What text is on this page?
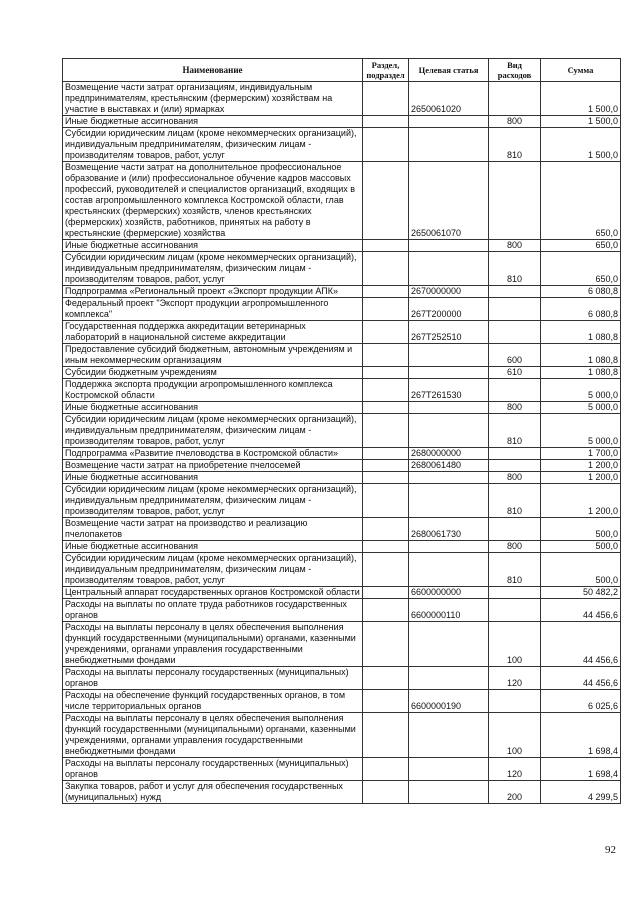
Наименование	Раздел, подраздел	Целевая статья	Вид расходов	Сумма
Возмещение части затрат организациям, индивидуальным предпринимателям, крестьянским (фермерским) хозяйствам на участие в выставках и (или) ярмарках		2650061020		1 500,0
Иные бюджетные ассигнования			800	1 500,0
Субсидии юридическим лицам (кроме некоммерческих организаций), индивидуальным предпринимателям, физическим лицам - производителям товаров, работ, услуг			810	1 500,0
Возмещение части затрат на дополнительное профессиональное образование и (или) профессиональное обучение кадров массовых профессий, руководителей и специалистов организаций, входящих в состав агропромышленного комплекса Костромской области, глав крестьянских (фермерских) хозяйств, членов крестьянских (фермерских) хозяйств, работников, принятых на работу в крестьянские (фермерские) хозяйства		2650061070		650,0
Иные бюджетные ассигнования			800	650,0
Субсидии юридическим лицам (кроме некоммерческих организаций), индивидуальным предпринимателям, физическим лицам - производителям товаров, работ, услуг			810	650,0
Подпрограмма «Региональный проект «Экспорт продукции АПК»		2670000000		6 080,8
Федеральный проект "Экспорт продукции агропромышленного комплекса"		267T200000		6 080,8
Государственная поддержка аккредитации ветеринарных лабораторий в национальной системе аккредитации		267T252510		1 080,8
Предоставление субсидий бюджетным, автономным учреждениям и иным некоммерческим организациям			600	1 080,8
Субсидии бюджетным учреждениям			610	1 080,8
Поддержка экспорта продукции агропромышленного комплекса Костромской области		267T261530		5 000,0
Иные бюджетные ассигнования			800	5 000,0
Субсидии юридическим лицам (кроме некоммерческих организаций), индивидуальным предпринимателям, физическим лицам - производителям товаров, работ, услуг			810	5 000,0
Подпрограмма «Развитие пчеловодства в Костромской области»		2680000000		1 700,0
Возмещение части затрат на приобретение пчелосемей		2680061480		1 200,0
Иные бюджетные ассигнования			800	1 200,0
Субсидии юридическим лицам (кроме некоммерческих организаций), индивидуальным предпринимателям, физическим лицам - производителям товаров, работ, услуг			810	1 200,0
Возмещение части затрат на производство и реализацию пчелопакетов		2680061730		500,0
Иные бюджетные ассигнования			800	500,0
Субсидии юридическим лицам (кроме некоммерческих организаций), индивидуальным предпринимателям, физическим лицам - производителям товаров, работ, услуг			810	500,0
Центральный аппарат государственных органов Костромской области		6600000000		50 482,2
Расходы на выплаты по оплате труда работников государственных органов		6600000110		44 456,6
Расходы на выплаты персоналу в целях обеспечения выполнения функций государственными (муниципальными) органами, казенными учреждениями, органами управления государственными внебюджетными фондами			100	44 456,6
Расходы на выплаты персоналу государственных (муниципальных) органов			120	44 456,6
Расходы на обеспечение функций государственных органов, в том числе территориальных органов		6600000190		6 025,6
Расходы на выплаты персоналу в целях обеспечения выполнения функций государственными (муниципальными) органами, казенными учреждениями, органами управления государственными внебюджетными фондами			100	1 698,4
Расходы на выплаты персоналу государственных (муниципальных) органов			120	1 698,4
Закупка товаров, работ и услуг для обеспечения государственных (муниципальных) нужд			200	4 299,5
92
